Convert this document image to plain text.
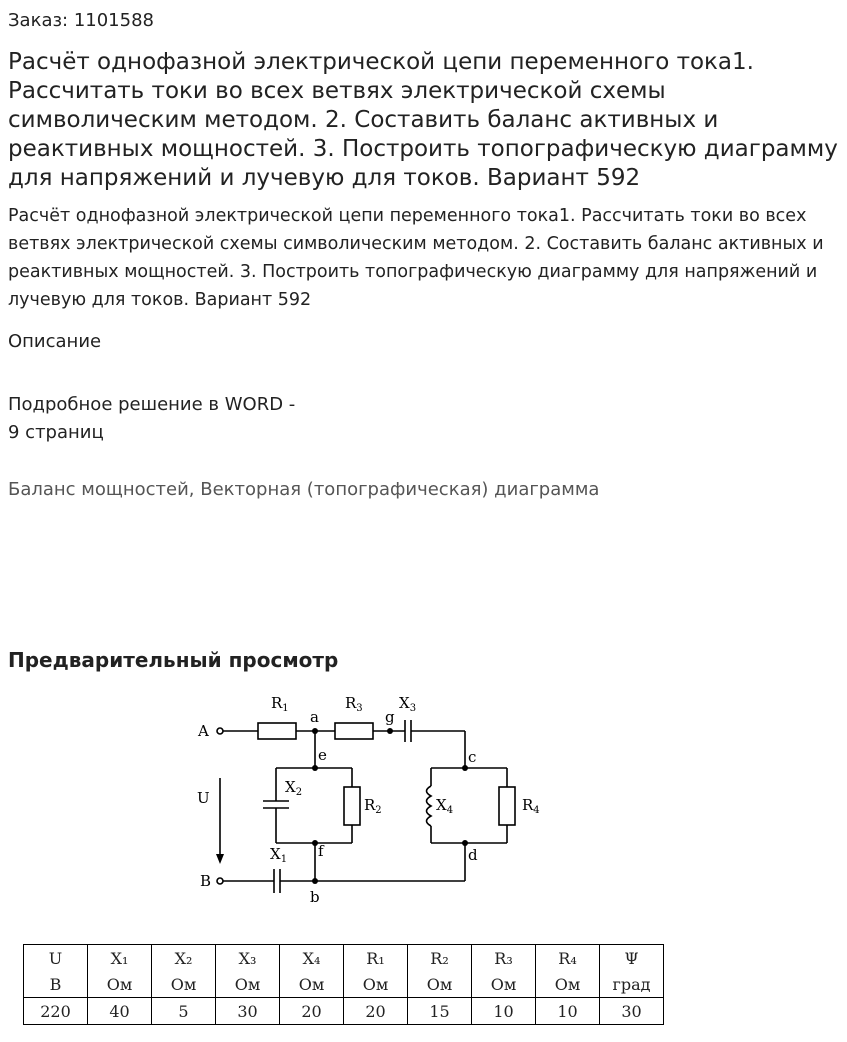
Заказ: 1101588
Расчёт однофазной электрической цепи переменного тока1. Рассчитать токи во всех ветвях электрической схемы символическим методом. 2. Составить баланс активных и реактивных мощностей. 3. Построить топографическую диаграмму для напряжений и лучевую для токов. Вариант 592
Расчёт однофазной электрической цепи переменного тока1. Рассчитать токи во всех ветвях электрической схемы символическим методом. 2. Составить баланс активных и реактивных мощностей. 3. Построить топографическую диаграмму для напряжений и лучевую для токов. Вариант 592
Описание
Подробное решение в WORD -
9 страниц
Баланс мощностей, Векторная (топографическая) диаграмма
Предварительный просмотр
$R_1$ a
$R_3$ g
$X_3$
A
e	c
$X_2$
$R_2$	$X_4$	$R_4$
U
$X_1$ f	d
B
b
U	X₁	X₂	X₃	X₄	R₁	R₂	R₃	R₄	Ψ
В	Ом	Ом	Ом	Ом	Ом	Ом	Ом	Ом	град
220	40	5	30	20	20	15	10	10	30
